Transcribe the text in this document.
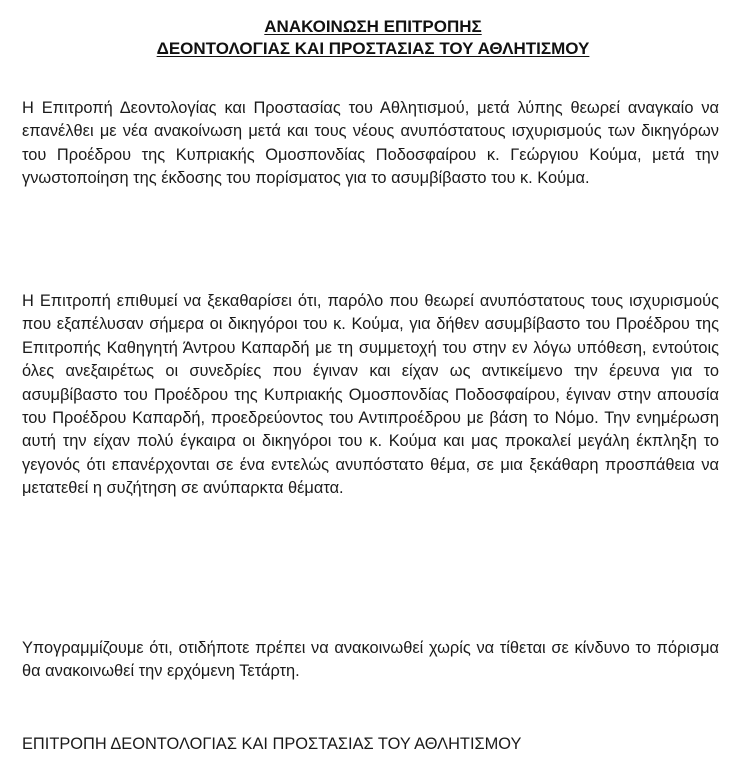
ΑΝΑΚΟΙΝΩΣΗ ΕΠΙΤΡΟΠΗΣ
ΔΕΟΝΤΟΛΟΓΙΑΣ ΚΑΙ ΠΡΟΣΤΑΣΙΑΣ ΤΟΥ ΑΘΛΗΤΙΣΜΟΥ

Η Επιτροπή Δεοντολογίας και Προστασίας του Αθλητισμού, μετά λύπης θεωρεί αναγκαίο να επανέλθει με νέα ανακοίνωση μετά και τους νέους ανυπόστατους ισχυρισμούς των δικηγόρων του Προέδρου της Κυπριακής Ομοσπονδίας Ποδοσφαίρου κ. Γεώργιου Κούμα, μετά την γνωστοποίηση της έκδοσης του πορίσματος για το ασυμβίβαστο του κ. Κούμα.

Η Επιτροπή επιθυμεί να ξεκαθαρίσει ότι, παρόλο που θεωρεί ανυπόστατους τους ισχυρισμούς που εξαπέλυσαν σήμερα οι δικηγόροι του κ. Κούμα, για δήθεν ασυμβίβαστο του Προέδρου της Επιτροπής Καθηγητή Άντρου Καπαρδή με τη συμμετοχή του στην εν λόγω υπόθεση, εντούτοις όλες ανεξαιρέτως οι συνεδρίες που έγιναν και είχαν ως αντικείμενο την έρευνα για το ασυμβίβαστο του Προέδρου της Κυπριακής Ομοσπονδίας Ποδοσφαίρου, έγιναν στην απουσία του Προέδρου Καπαρδή, προεδρεύοντος του Αντιπροέδρου με βάση το Νόμο. Την ενημέρωση αυτή την είχαν πολύ έγκαιρα οι δικηγόροι του κ. Κούμα και μας προκαλεί μεγάλη έκπληξη το γεγονός ότι επανέρχονται σε ένα εντελώς ανυπόστατο θέμα, σε μια ξεκάθαρη προσπάθεια να μετατεθεί η συζήτηση σε ανύπαρκτα θέματα.

Υπογραμμίζουμε ότι, οτιδήποτε πρέπει να ανακοινωθεί χωρίς να τίθεται σε κίνδυνο το πόρισμα θα ανακοινωθεί την ερχόμενη Τετάρτη.

ΕΠΙΤΡΟΠΗ ΔΕΟΝΤΟΛΟΓΙΑΣ ΚΑΙ ΠΡΟΣΤΑΣΙΑΣ ΤΟΥ ΑΘΛΗΤΙΣΜΟΥ
